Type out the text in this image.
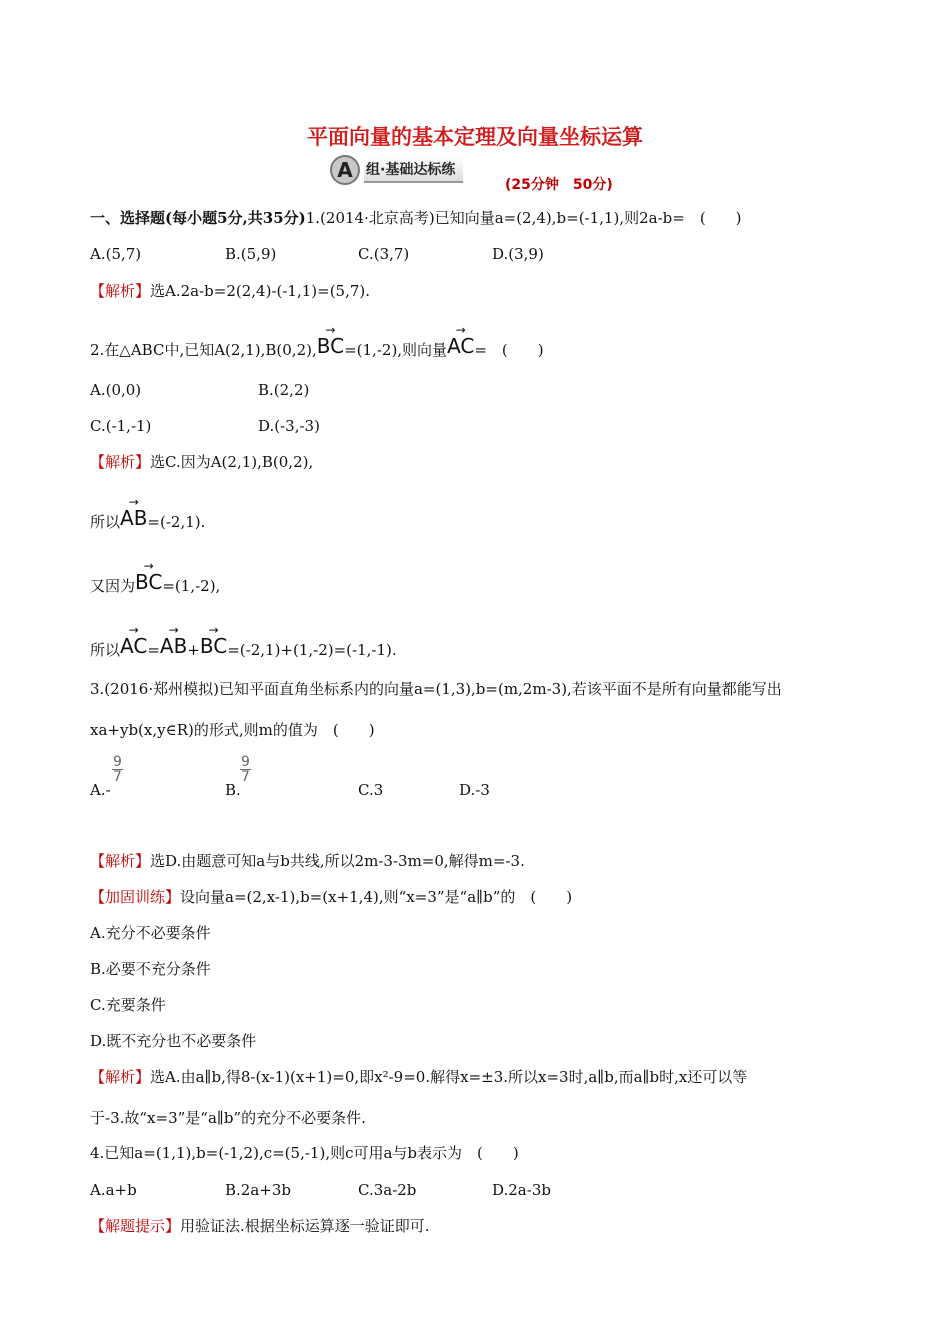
平面向量的基本定理及向量坐标运算
A 组·基础达标练
(25分钟　50分)
一、选择题(每小题5分,共35分)1.(2014·北京高考)已知向量a=(2,4),b=(-1,1),则2a-b=　(　　)
A.(5,7)	B.(5,9)	C.(3,7)	D.(3,9)
【解析】选A.2a-b=2(2,4)-(-1,1)=(5,7).
2.在△ABC中,已知A(2,1),B(0,2),
→
BC=(1,-2),则向量
→
AC=　(　　)
A.(0,0)	B.(2,2)
C.(-1,-1)	D.(-3,-3)
【解析】选C.因为A(2,1),B(0,2),
所以
→
AB=(-2,1).
又因为
→
BC=(1,-2),
所以
→
AC=
→
AB+
→
BC=(-2,1)+(1,-2)=(-1,-1).
3.(2016·郑州模拟)已知平面直角坐标系内的向量a=(1,3),b=(m,2m-3),若该平面不是所有向量都能写出
xa+yb(x,y∈R)的形式,则m的值为　(　　)
A.-
$\frac{9}{7}$
B.
$\frac{9}{7}$
C.3	D.-3
【解析】选D.由题意可知a与b共线,所以2m-3-3m=0,解得m=-3.
【加固训练】设向量a=(2,x-1),b=(x+1,4),则“x=3”是“a∥b”的　(　　)
A.充分不必要条件
B.必要不充分条件
C.充要条件
D.既不充分也不必要条件
【解析】选A.由a∥b,得8-(x-1)(x+1)=0,即x²-9=0.解得x=±3.所以x=3时,a∥b,而a∥b时,x还可以等
于-3.故“x=3”是“a∥b”的充分不必要条件.
4.已知a=(1,1),b=(-1,2),c=(5,-1),则c可用a与b表示为　(　　)
A.a+b	B.2a+3b	C.3a-2b	D.2a-3b
【解题提示】用验证法.根据坐标运算逐一验证即可.
